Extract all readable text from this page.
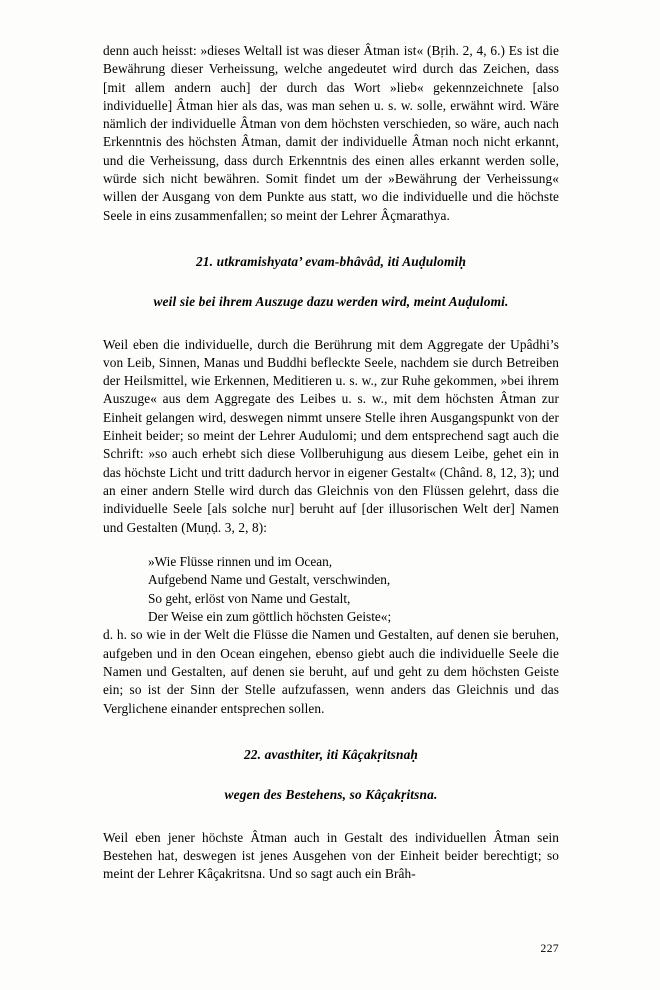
denn auch heisst: »dieses Weltall ist was dieser Âtman ist« (Bṛih. 2, 4, 6.) Es ist die Bewährung dieser Verheissung, welche angedeutet wird durch das Zeichen, dass [mit allem andern auch] der durch das Wort »lieb« gekennzeichnete [also individuelle] Âtman hier als das, was man sehen u. s. w. solle, erwähnt wird. Wäre nämlich der individuelle Âtman von dem höchsten verschieden, so wäre, auch nach Erkenntnis des höchsten Âtman, damit der individuelle Âtman noch nicht erkannt, und die Verheissung, dass durch Erkenntnis des einen alles erkannt werden solle, würde sich nicht bewähren. Somit findet um der »Bewährung der Verheissung« willen der Ausgang von dem Punkte aus statt, wo die individuelle und die höchste Seele in eins zusammenfallen; so meint der Lehrer Âçmarathya.

21. utkramishyata’ evam-bhâvâd, iti Auḍulomiḥ

weil sie bei ihrem Auszuge dazu werden wird, meint Auḍulomi.

Weil eben die individuelle, durch die Berührung mit dem Aggregate der Upâdhi’s von Leib, Sinnen, Manas und Buddhi befleckte Seele, nachdem sie durch Betreiben der Heilsmittel, wie Erkennen, Meditieren u. s. w., zur Ruhe gekommen, »bei ihrem Auszuge« aus dem Aggregate des Leibes u. s. w., mit dem höchsten Âtman zur Einheit gelangen wird, deswegen nimmt unsere Stelle ihren Ausgangspunkt von der Einheit beider; so meint der Lehrer Audulomi; und dem entsprechend sagt auch die Schrift: »so auch erhebt sich diese Vollberuhigung aus diesem Leibe, gehet ein in das höchste Licht und tritt dadurch hervor in eigener Gestalt« (Chând. 8, 12, 3); und an einer andern Stelle wird durch das Gleichnis von den Flüssen gelehrt, dass die individuelle Seele [als solche nur] beruht auf [der illusorischen Welt der] Namen und Gestalten (Muṇḍ. 3, 2, 8):

»Wie Flüsse rinnen und im Ocean,
Aufgebend Name und Gestalt, verschwinden,
So geht, erlöst von Name und Gestalt,
Der Weise ein zum göttlich höchsten Geiste«;

d. h. so wie in der Welt die Flüsse die Namen und Gestalten, auf denen sie beruhen, aufgeben und in den Ocean eingehen, ebenso giebt auch die individuelle Seele die Namen und Gestalten, auf denen sie beruht, auf und geht zu dem höchsten Geiste ein; so ist der Sinn der Stelle aufzufassen, wenn anders das Gleichnis und das Verglichene einander entsprechen sollen.

22. avasthiter, iti Kâçakṛitsnaḥ

wegen des Bestehens, so Kâçakṛitsna.

Weil eben jener höchste Âtman auch in Gestalt des individuellen Âtman sein Bestehen hat, deswegen ist jenes Ausgehen von der Einheit beider berechtigt; so meint der Lehrer Kâçakritsna. Und so sagt auch ein Brâh-

227
